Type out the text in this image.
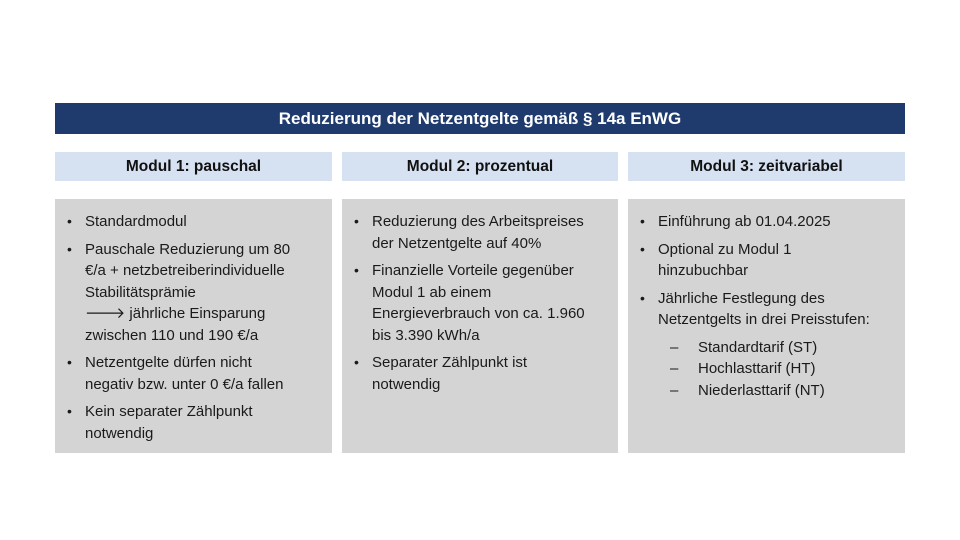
Reduzierung der Netzentgelte gemäß § 14a EnWG
Modul 1: pauschal	Modul 2: prozentual	Modul 3: zeitvariabel
• Standardmodul
• Pauschale Reduzierung um 80
€/a + netzbetreiberindividuelle
Stabilitätsprämie
🡒 jährliche Einsparung
zwischen 110 und 190 €/a
• Netzentgelte dürfen nicht
negativ bzw. unter 0 €/a fallen
• Kein separater Zählpunkt
notwendig
• Reduzierung des Arbeitspreises
der Netzentgelte auf 40%
• Finanzielle Vorteile gegenüber
Modul 1 ab einem
Energieverbrauch von ca. 1.960
bis 3.390 kWh/a
• Separater Zählpunkt ist
notwendig
• Einführung ab 01.04.2025
• Optional zu Modul 1
hinzubuchbar
• Jährliche Festlegung des
Netzentgelts in drei Preisstufen:
– Standardtarif (ST)
– Hochlasttarif (HT)
– Niederlasttarif (NT)
